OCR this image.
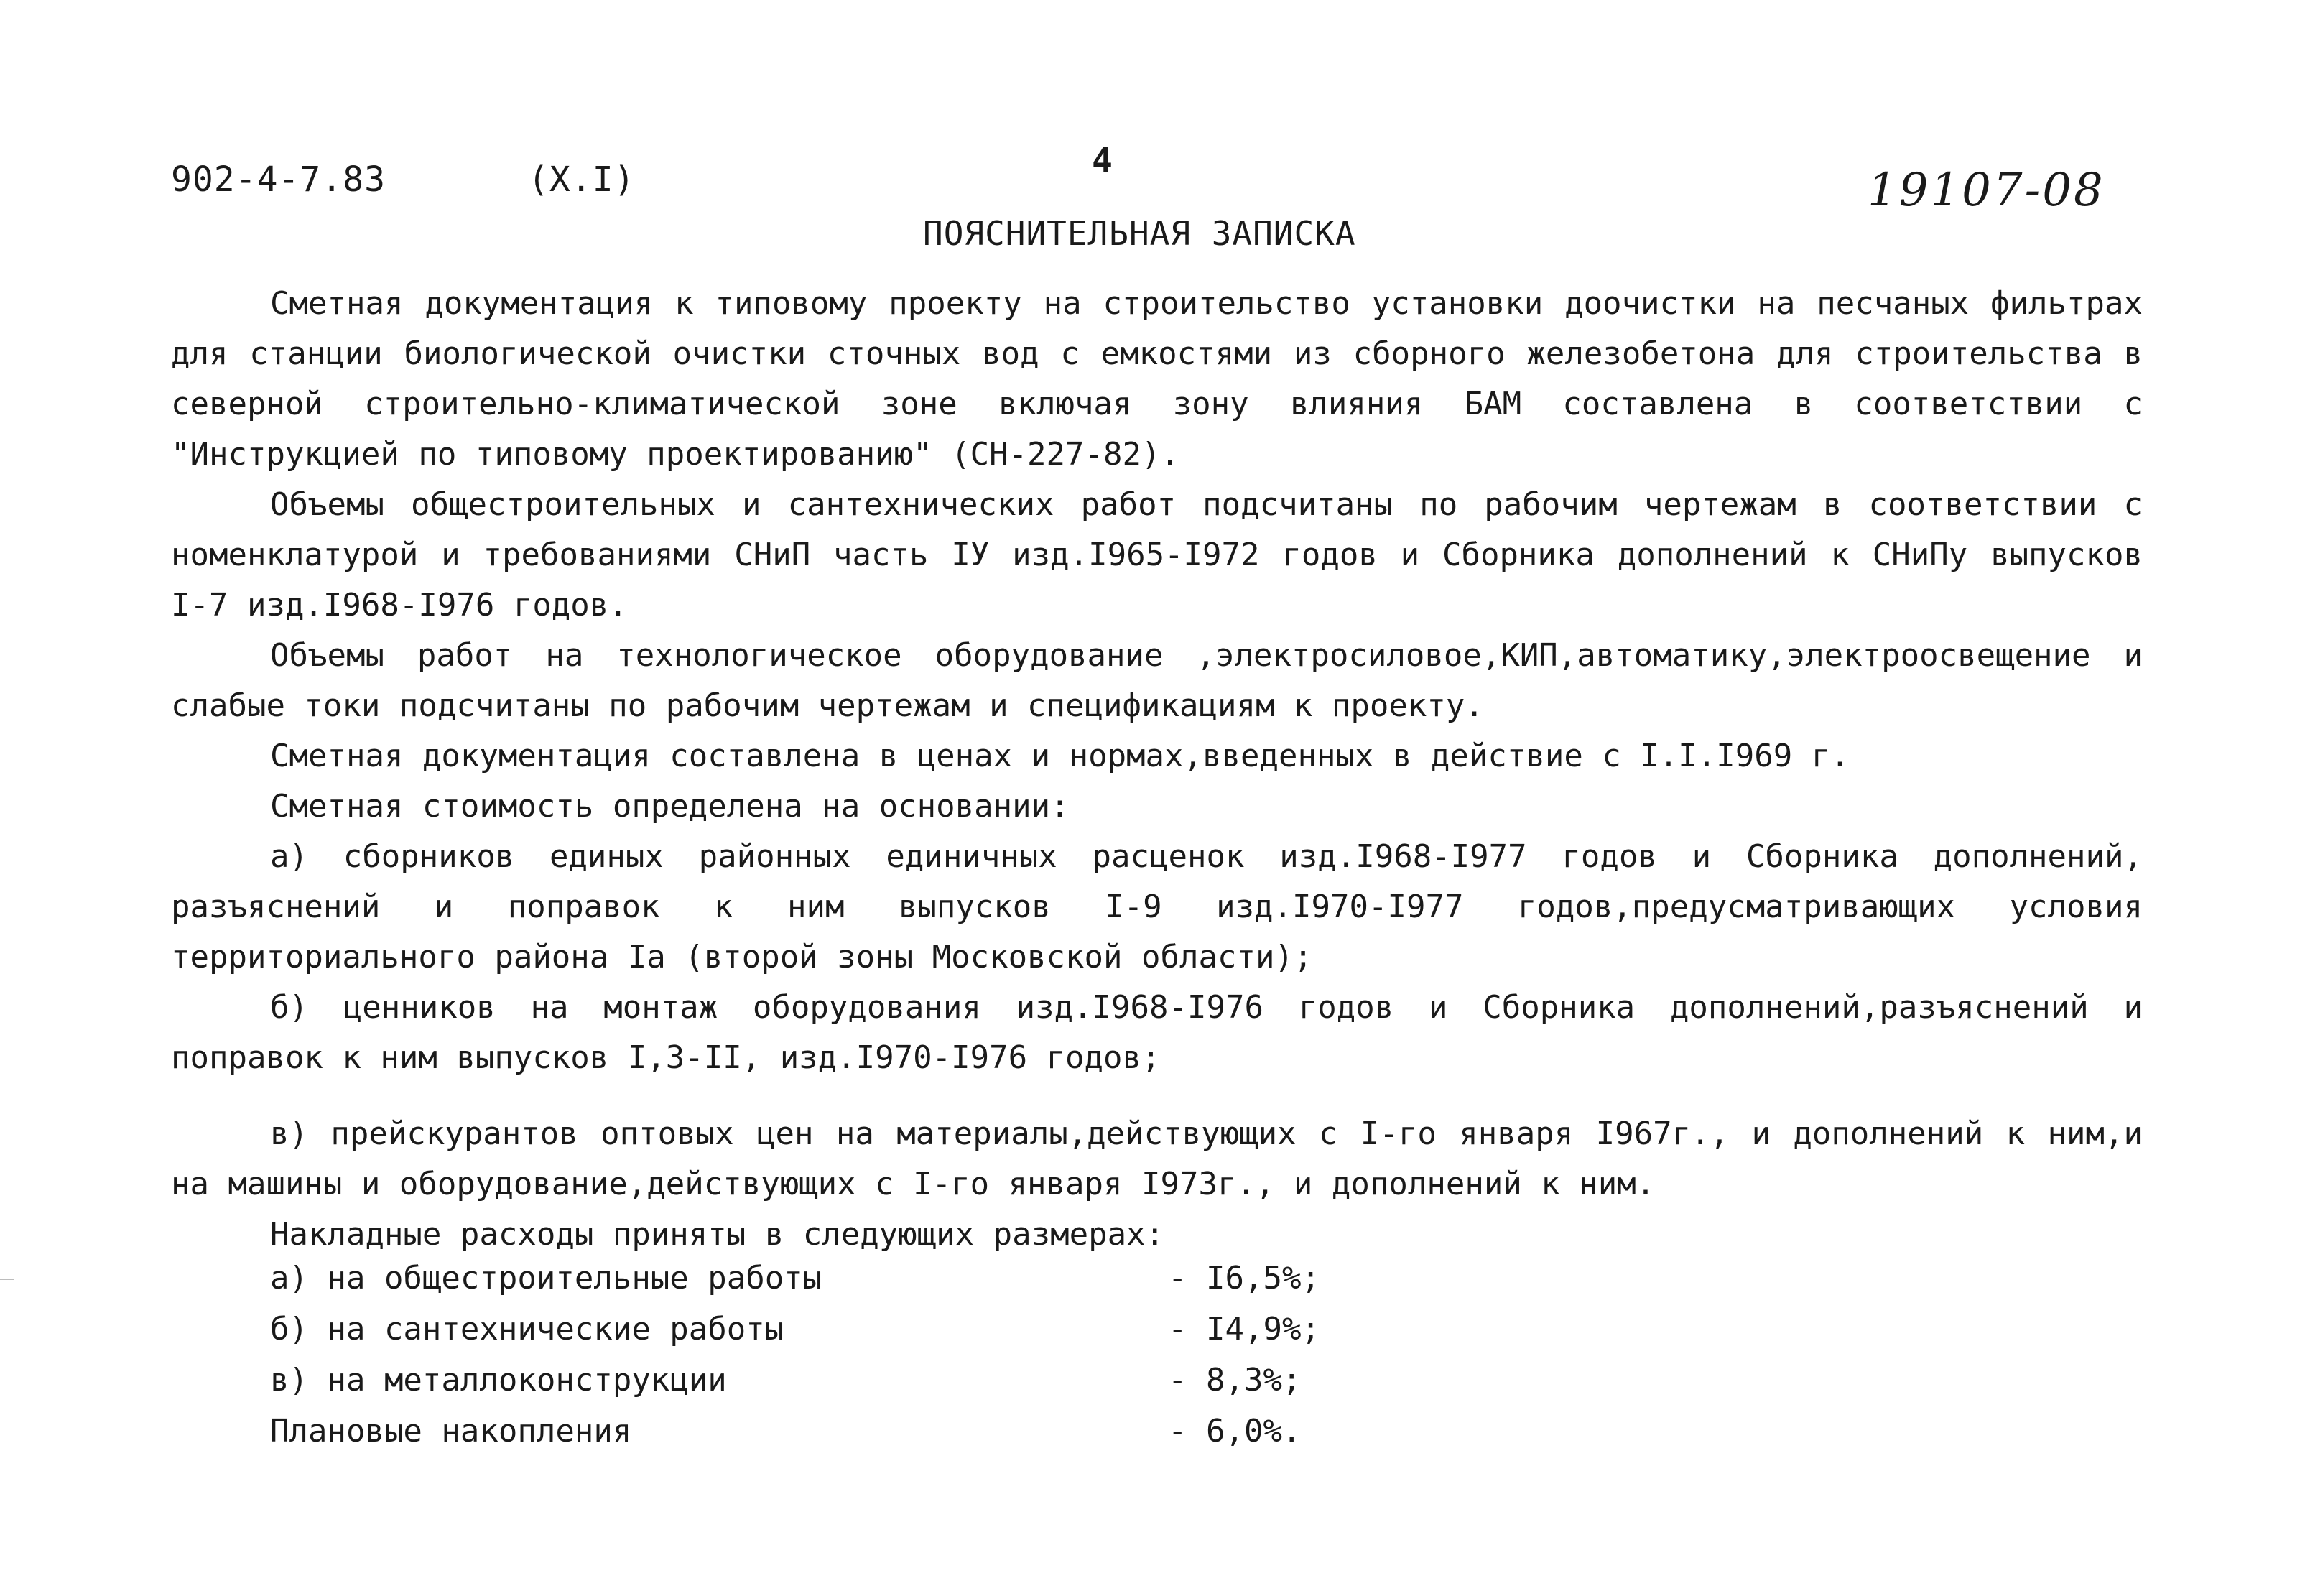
902-4-7.83	(X.I)	4
19107-08
ПОЯСНИТЕЛЬНАЯ ЗАПИСКА

Сметная документация к типовому проекту на строительство установки доочистки на песчаных фильтрах для станции биологической очистки сточных вод с емкостями из сборного железобетона для строительства в северной строительно-климатической зоне включая зону влияния БАМ составлена в соответствии с "Инструкцией по типовому проектированию" (СН-227-82).

Объемы общестроительных и сантехнических работ подсчитаны по рабочим чертежам в соответствии с номенклатурой и требованиями СНиП часть IУ изд.I965-I972 годов и Сборника дополнений к СНиПу выпусков I-7 изд.I968-I976 годов.

Объемы работ на технологическое оборудование ,электросиловое,КИП,автоматику,электроосвещение и слабые токи подсчитаны по рабочим чертежам и спецификациям к проекту.

Сметная документация составлена в ценах и нормах,введенных в действие с I.I.I969 г.

Сметная стоимость определена на основании:

а) сборников единых районных единичных расценок изд.I968-I977 годов и Сборника дополнений, разъяснений и поправок к ним выпусков I-9 изд.I970-I977 годов,предусматривающих условия территориального района Iа (второй зоны Московской области);

б) ценников на монтаж оборудования изд.I968-I976 годов и Сборника дополнений,разъяснений и поправок к ним выпусков I,3-II, изд.I970-I976 годов;

в) прейскурантов оптовых цен на материалы,действующих с I-го января I967г., и дополнений к ним,и на машины и оборудование,действующих с I-го января I973г., и дополнений к ним.

Накладные расходы приняты в следующих размерах:

а) на общестроительные работы	- I6,5%;
б) на сантехнические работы	- I4,9%;
в) на металлоконструкции	- 8,3%;
Плановые накопления	- 6,0%.
